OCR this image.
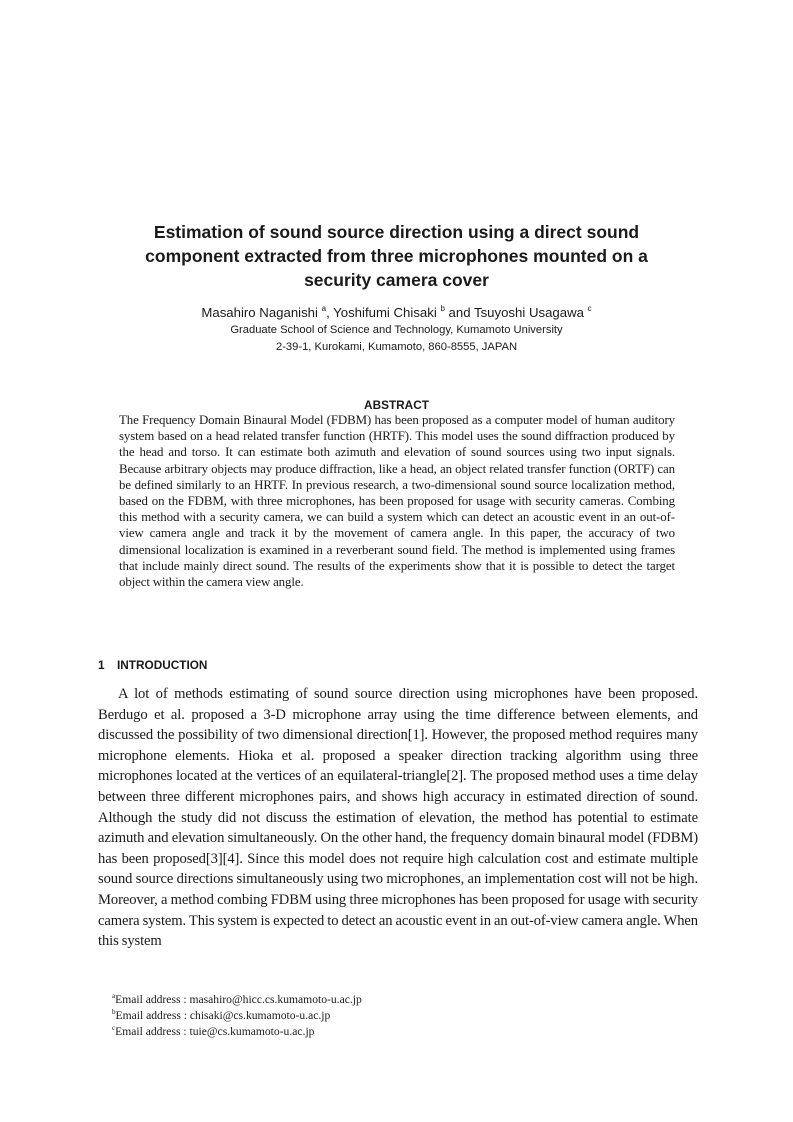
Estimation of sound source direction using a direct sound component extracted from three microphones mounted on a security camera cover
Masahiro Naganishi $^a$, Yoshifumi Chisaki $^b$ and Tsuyoshi Usagawa $^c$
Graduate School of Science and Technology, Kumamoto University
2-39-1, Kurokami, Kumamoto, 860-8555, JAPAN
ABSTRACT
The Frequency Domain Binaural Model (FDBM) has been proposed as a computer model of human auditory system based on a head related transfer function (HRTF). This model uses the sound diffraction produced by the head and torso. It can estimate both azimuth and elevation of sound sources using two input signals. Because arbitrary objects may produce diffraction, like a head, an object related transfer function (ORTF) can be defined similarly to an HRTF. In previous research, a two-dimensional sound source localization method, based on the FDBM, with three microphones, has been proposed for usage with security cameras. Combing this method with a security camera, we can build a system which can detect an acoustic event in an out-of-view camera angle and track it by the movement of camera angle. In this paper, the accuracy of two dimensional localization is examined in a reverberant sound field. The method is implemented using frames that include mainly direct sound. The results of the experiments show that it is possible to detect the target object within the camera view angle.
1 INTRODUCTION
A lot of methods estimating of sound source direction using microphones have been proposed. Berdugo et al. proposed a 3-D microphone array using the time difference between elements, and discussed the possibility of two dimensional direction[1]. However, the proposed method requires many microphone elements. Hioka et al. proposed a speaker direction tracking algorithm using three microphones located at the vertices of an equilateral-triangle[2]. The proposed method uses a time delay between three different microphones pairs, and shows high accuracy in estimated direction of sound. Although the study did not discuss the estimation of elevation, the method has potential to estimate azimuth and elevation simultaneously. On the other hand, the frequency domain binaural model (FDBM) has been proposed[3][4]. Since this model does not require high calculation cost and estimate multiple sound source directions simultaneously using two microphones, an implementation cost will not be high. Moreover, a method combing FDBM using three microphones has been proposed for usage with security camera system. This system is expected to detect an acoustic event in an out-of-view camera angle. When this system
$^a$Email address : masahiro@hicc.cs.kumamoto-u.ac.jp
$^b$Email address : chisaki@cs.kumamoto-u.ac.jp
$^c$Email address : tuie@cs.kumamoto-u.ac.jp
